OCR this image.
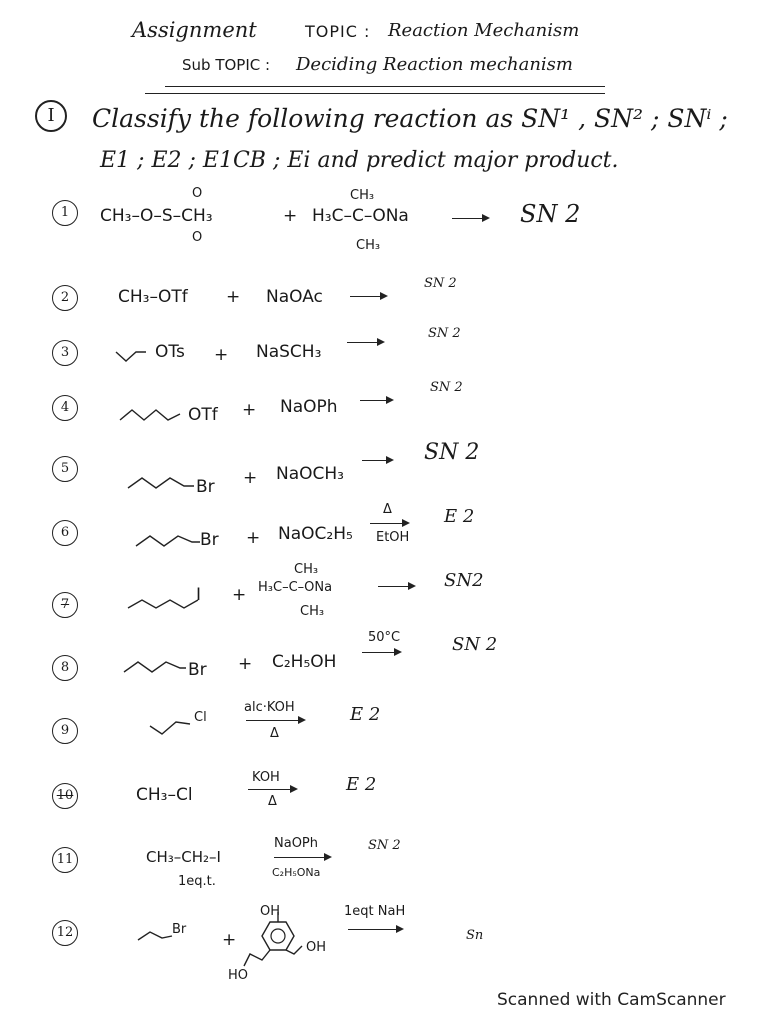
Assignment	TOPIC : Reaction Mechanism
Sub TOPIC : Deciding Reaction mechanism
I	Classify the following reaction as SN¹ , SN² ; SNⁱ ;
E1 ; E2 ; E1CB ; Ei and predict major product.
1
O
O
CH₃–O–S–CH₃	+
CH₃
H₃C–C–ONa
CH₃
SN 2
2	CH₃–OTf + NaOAc
SN 2
3	OTs + NaSCH₃
SN 2
4	OTf + NaOPh →
SN 2
5
Br + NaOCH₃
SN 2
6	Br + NaOC₂H₅
Δ
EtOH
E 2
7	I +
CH₃
H₃C–C–ONa
CH₃
SN2
8	Br + C₂H₅OH
50°C	SN 2
9
Cl
alc·KOH
Δ
E 2
10	CH₃–Cl
KOH
Δ
E 2
11	CH₃–CH₂–I
1eq.t.
NaOPh
C₂H₅ONa
SN 2
12	Br
+
OH
OH
HO
1eqt NaH
Sn
Scanned with CamScanner
